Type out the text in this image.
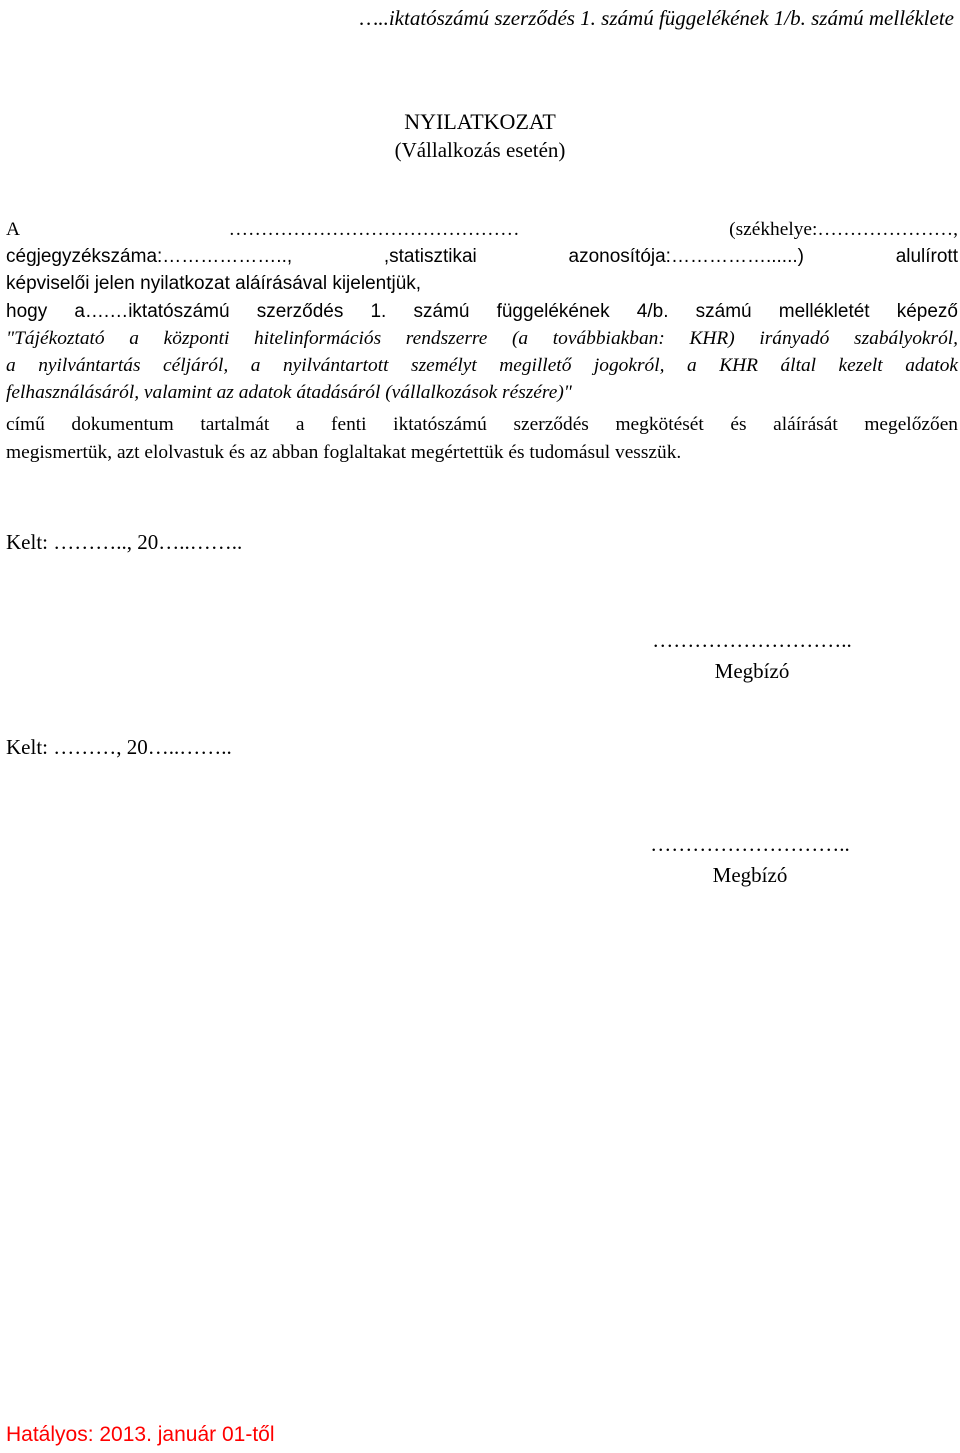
…..iktatószámú szerződés 1. számú függelékének 1/b. számú melléklete
NYILATKOZAT
(Vállalkozás esetén)
A	………………………………………	(székhelye:…………………,
cégjegyzékszáma:………………..,	,statisztikai	azonosítója:……………......)	alulírott
képviselői jelen nyilatkozat aláírásával kijelentjük,
hogy a….…iktatószámú szerződés 1. számú függelékének 4/b. számú mellékletét képező
"Tájékoztató a központi hitelinformációs rendszerre (a továbbiakban: KHR) irányadó szabályokról,
a nyilvántartás céljáról, a nyilvántartott személyt megillető jogokról, a KHR által kezelt adatok
felhasználásáról, valamint az adatok átadásáról (vállalkozások részére)"
című dokumentum tartalmát a fenti iktatószámú szerződés megkötését és aláírását megelőzően
megismertük, azt elolvastuk és az abban foglaltakat megértettük és tudomásul vesszük.
Kelt: ……….., 20…..……..
………………………..
Megbízó
Kelt: ………, 20…..……..
………………………..
Megbízó
Hatályos: 2013. január 01-től
